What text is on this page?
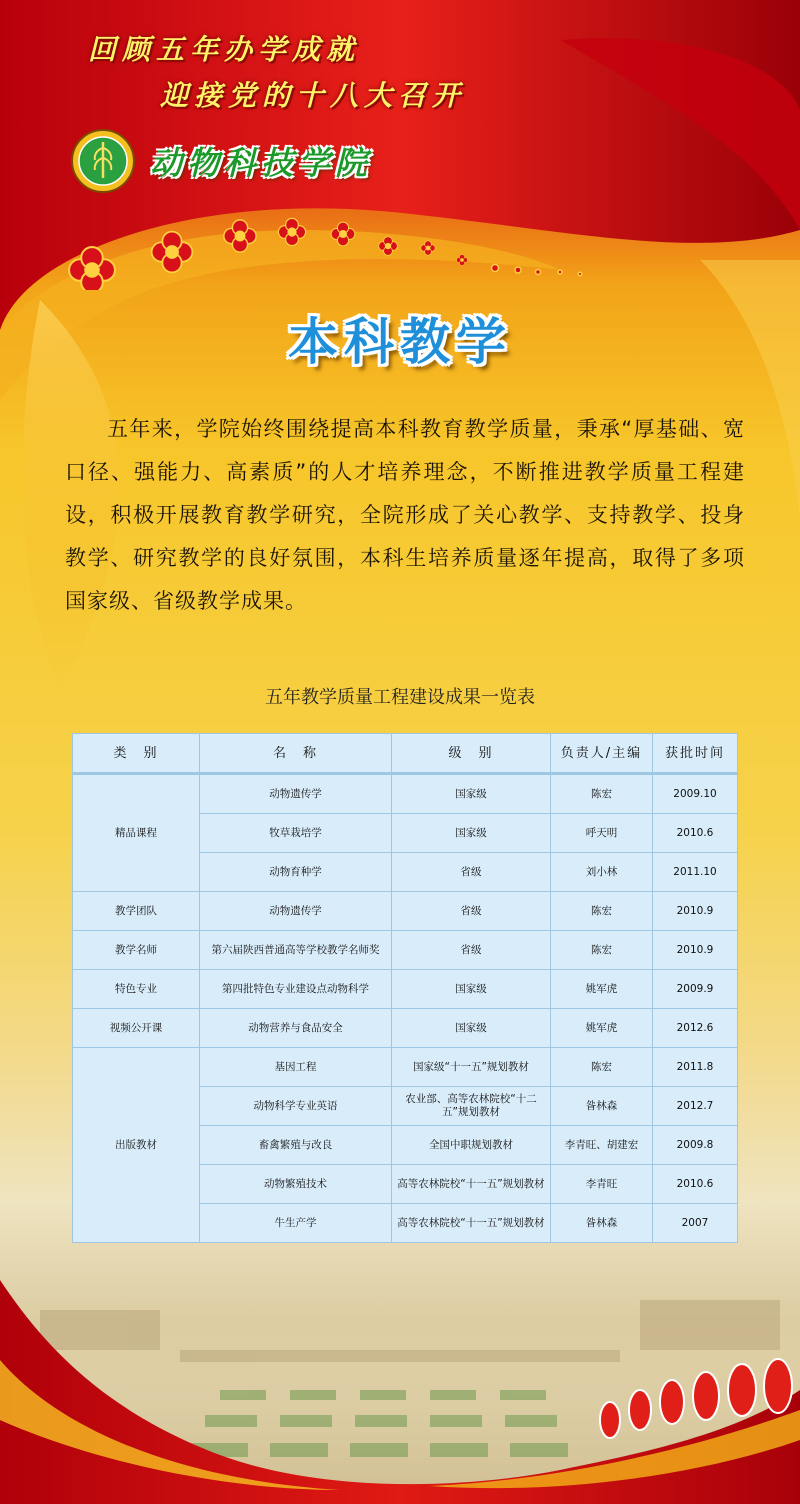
回顾五年办学成就

迎接党的十八大召开

动物科技学院
本科教学

五年来，学院始终围绕提高本科教育教学质量，秉承“厚基础、宽口径、强能力、高素质”的人才培养理念，不断推进教学质量工程建设，积极开展教育教学研究，全院形成了关心教学、支持教学、投身教学、研究教学的良好氛围，本科生培养质量逐年提高，取得了多项国家级、省级教学成果。

五年教学质量工程建设成果一览表

类　别	名　称	级　别	负责人/主编	获批时间
精品课程	动物遗传学	国家级	陈宏	2009.10
	牧草栽培学	国家级	呼天明	2010.6
	动物育种学	省级	刘小林	2011.10
教学团队	动物遗传学	省级	陈宏	2010.9
教学名师	第六届陕西普通高等学校教学名师奖	省级	陈宏	2010.9
特色专业	第四批特色专业建设点动物科学	国家级	姚军虎	2009.9
视频公开课	动物营养与食品安全	国家级	姚军虎	2012.6
出版教材	基因工程	国家级“十一五”规划教材	陈宏	2011.8
	动物科学专业英语	农业部、高等农林院校“十二五”规划教材	昝林森	2012.7
	畜禽繁殖与改良	全国中职规划教材	李青旺、胡建宏	2009.8
	动物繁殖技术	高等农林院校“十一五”规划教材	李青旺	2010.6
	牛生产学	高等农林院校“十一五”规划教材	昝林森	2007
